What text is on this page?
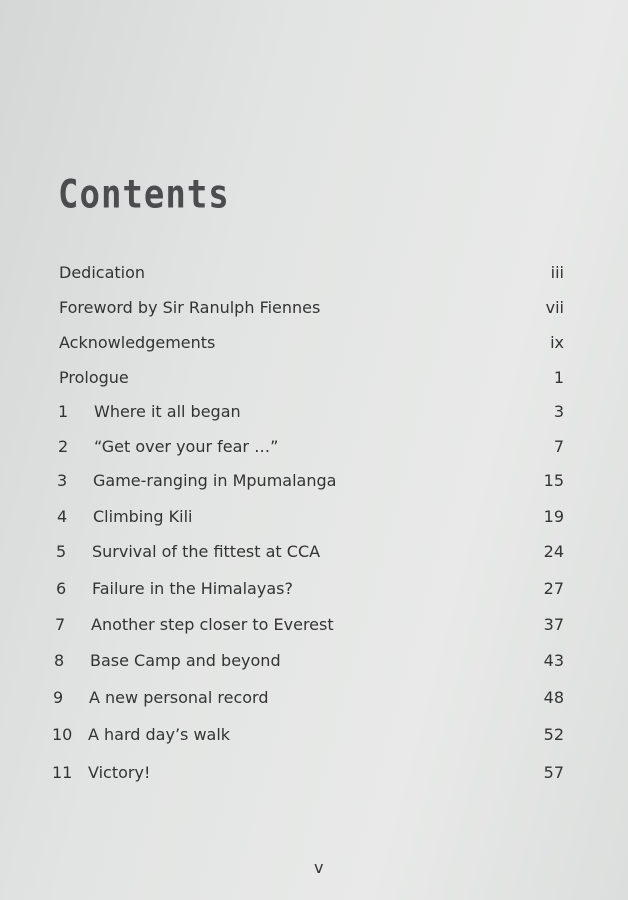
Contents
Dedication	iii
Foreword by Sir Ranulph Fiennes	vii
Acknowledgements	ix
Prologue	1
1 Where it all began	3
2 “Get over your fear …”	7
3 Game-ranging in Mpumalanga	15
4 Climbing Kili	19
5 Survival of the fittest at CCA	24
6 Failure in the Himalayas?	27
7 Another step closer to Everest	37
8 Base Camp and beyond	43
9 A new personal record	48
10 A hard day’s walk	52
11 Victory!	57
v
